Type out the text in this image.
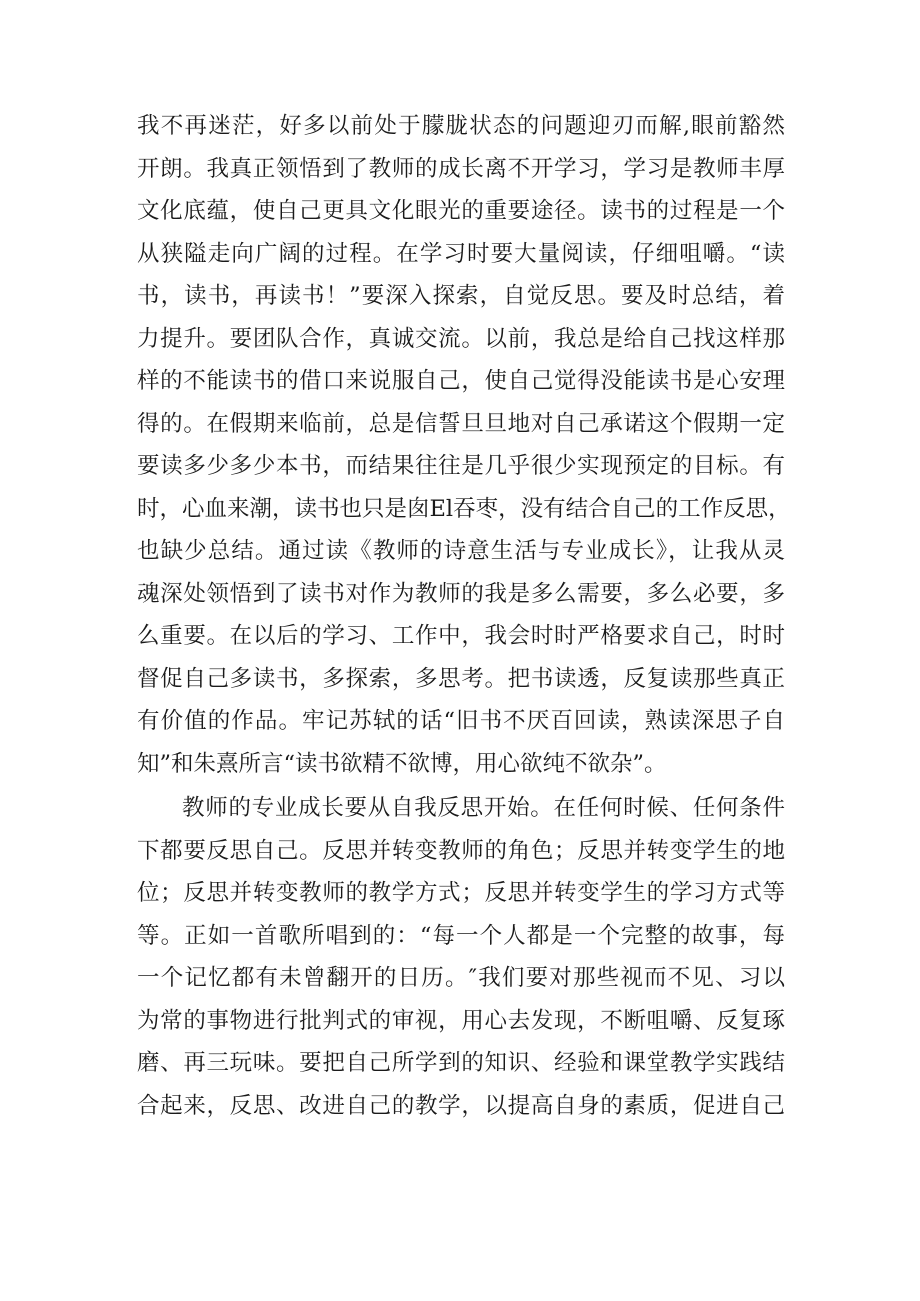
我不再迷茫，好多以前处于朦胧状态的问题迎刃而解,眼前豁然
开朗。我真正领悟到了教师的成长离不开学习，学习是教师丰厚
文化底蕴，使自己更具文化眼光的重要途径。读书的过程是一个
从狭隘走向广阔的过程。在学习时要大量阅读，仔细咀嚼。“读
书，读书，再读书！”要深入探索，自觉反思。要及时总结，着
力提升。要团队合作，真诚交流。以前，我总是给自己找这样那
样的不能读书的借口来说服自己，使自己觉得没能读书是心安理
得的。在假期来临前，总是信誓旦旦地对自己承诺这个假期一定
要读多少多少本书，而结果往往是几乎很少实现预定的目标。有
时，心血来潮，读书也只是囱El吞枣，没有结合自己的工作反思，
也缺少总结。通过读《教师的诗意生活与专业成长》，让我从灵
魂深处领悟到了读书对作为教师的我是多么需要，多么必要，多
么重要。在以后的学习、工作中，我会时时严格要求自己，时时
督促自己多读书，多探索，多思考。把书读透，反复读那些真正
有价值的作品。牢记苏轼的话“旧书不厌百回读，熟读深思子自
知”和朱熹所言“读书欲精不欲博，用心欲纯不欲杂”。
教师的专业成长要从自我反思开始。在任何时候、任何条件
下都要反思自己。反思并转变教师的角色；反思并转变学生的地
位；反思并转变教师的教学方式；反思并转变学生的学习方式等
等。正如一首歌所唱到的：“每一个人都是一个完整的故事，每
一个记忆都有未曾翻开的日历。″我们要对那些视而不见、习以
为常的事物进行批判式的审视，用心去发现，不断咀嚼、反复琢
磨、再三玩味。要把自己所学到的知识、经验和课堂教学实践结
合起来，反思、改进自己的教学，以提高自身的素质，促进自己
